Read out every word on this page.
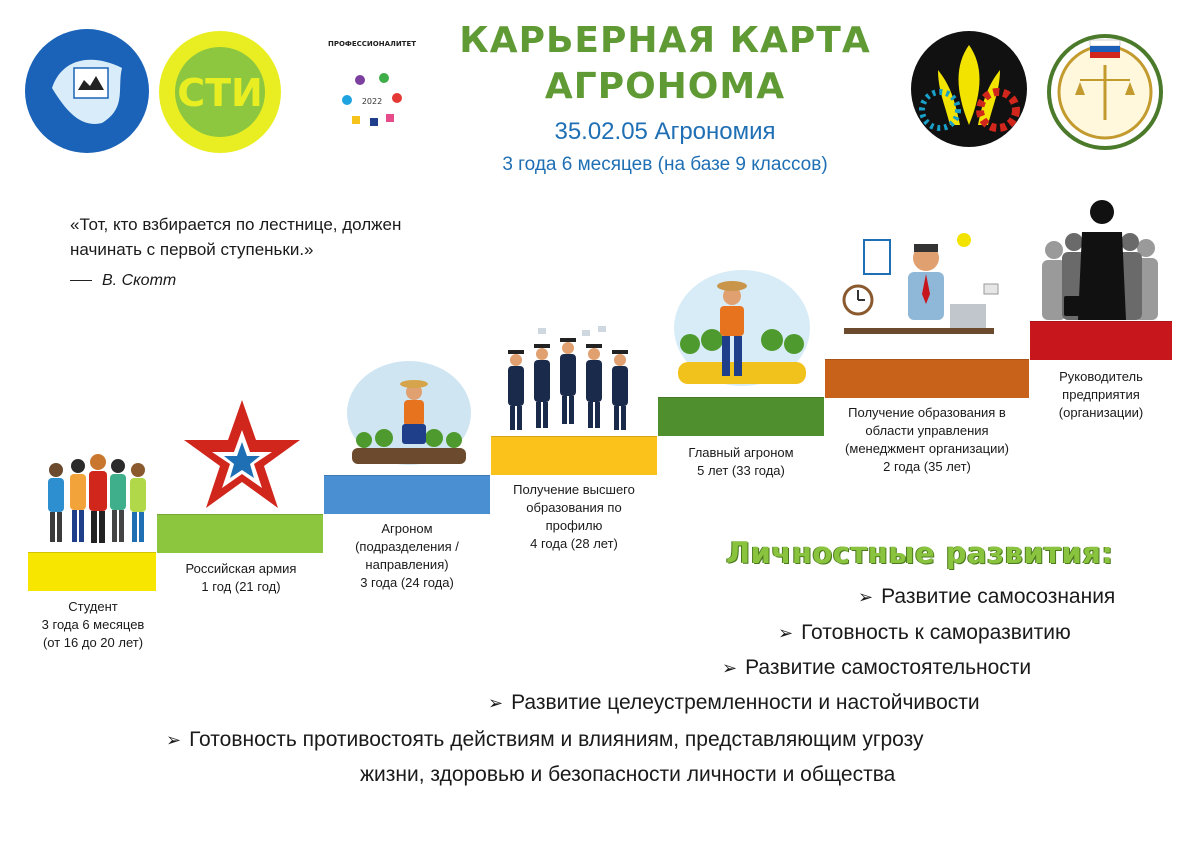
СТИ	2022
ПРОФЕССИОНАЛИТЕТ	КАРЬЕРНАЯ КАРТА
АГРОНОМА
35.02.05 Агрономия
3 года 6 месяцев (на базе 9 классов)
«Тот, кто взбирается по лестнице, должен начинать с первой ступеньки.»
В. Скотт
Студент
3 года 6 месяцев
(от 16 до 20 лет)
Российская армия
1 год (21 год)
Агроном
(подразделения /
направления)
3 года (24 года)
Получение высшего
образования по
профилю
4 года (28 лет)
Главный агроном
5 лет (33 года)
Получение образования в
области управления
(менеджмент организации)
2 года (35 лет)
Руководитель
предприятия
(организации)
Личностные развития:
➢ Развитие самосознания
➢ Готовность к саморазвитию
➢ Развитие самостоятельности
➢ Развитие целеустремленности и настойчивости
➢ Готовность противостоять действиям и влияниям, представляющим угрозу
жизни, здоровью и безопасности личности и общества
